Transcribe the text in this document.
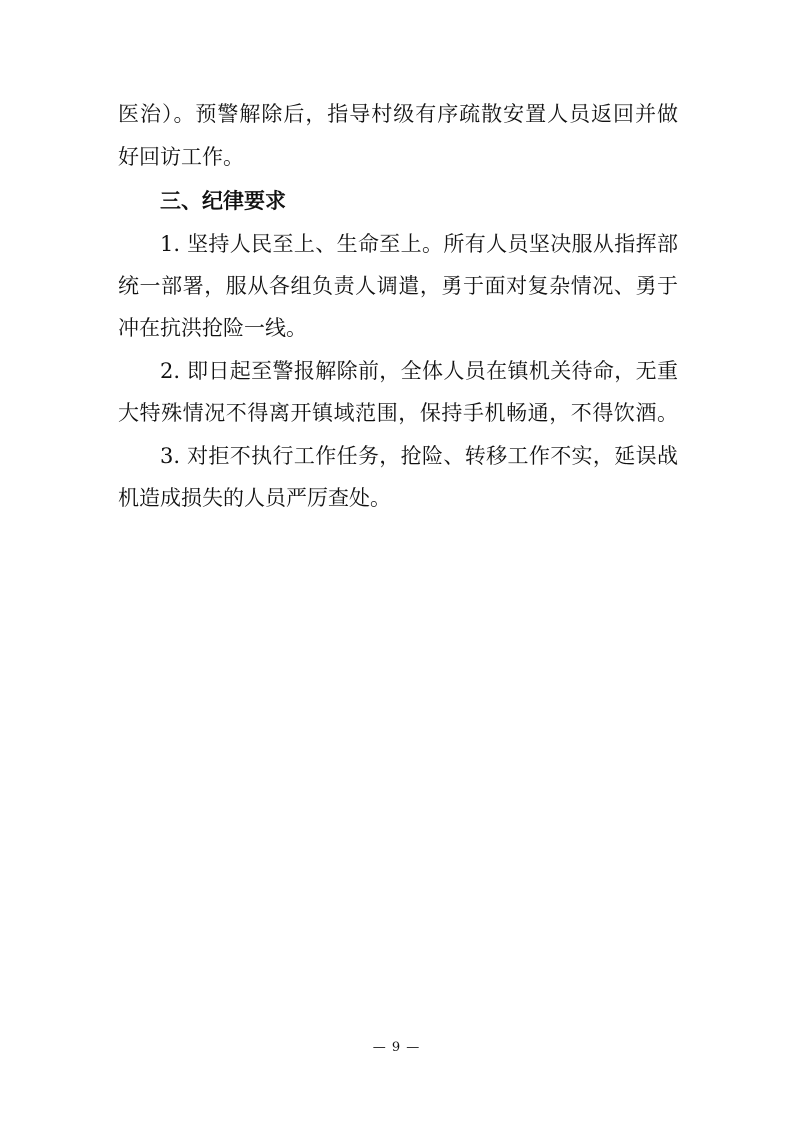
医治）。预警解除后，指导村级有序疏散安置人员返回并做
好回访工作。
三、纪律要求
1. 坚持人民至上、生命至上。所有人员坚决服从指挥部
统一部署，服从各组负责人调遣，勇于面对复杂情况、勇于
冲在抗洪抢险一线。
2. 即日起至警报解除前，全体人员在镇机关待命，无重
大特殊情况不得离开镇域范围，保持手机畅通，不得饮酒。
3. 对拒不执行工作任务，抢险、转移工作不实，延误战
机造成损失的人员严厉查处。
— 9 —
